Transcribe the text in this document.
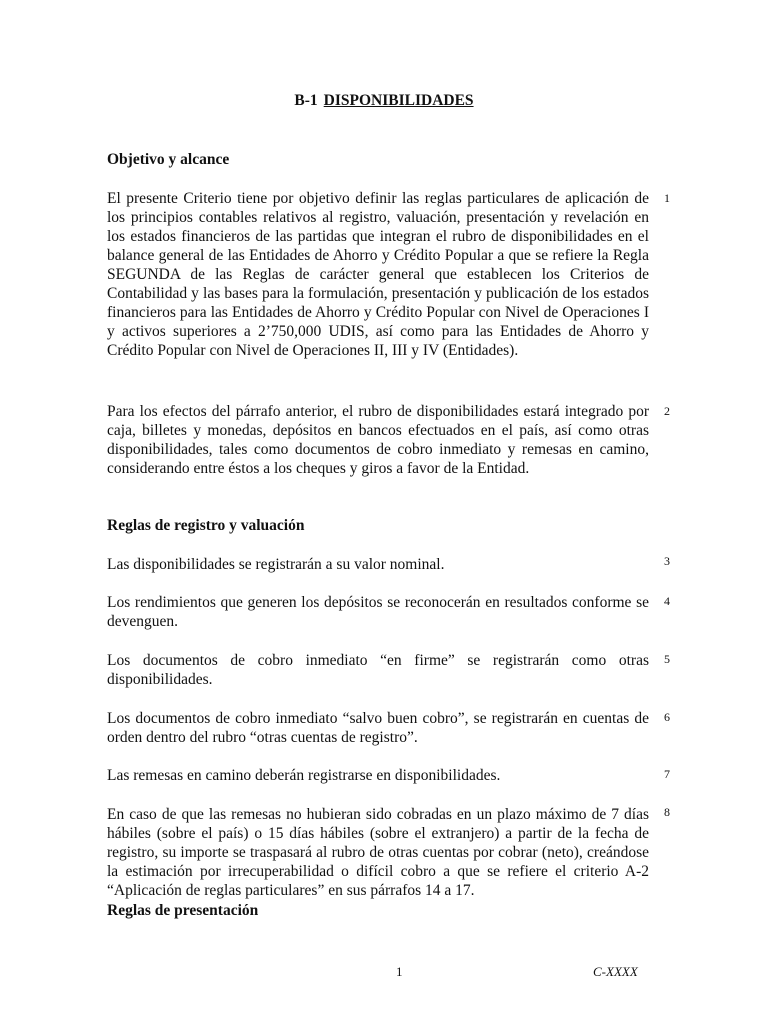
B-1 DISPONIBILIDADES
Objetivo y alcance
El presente Criterio tiene por objetivo definir las reglas particulares de aplicación de los principios contables relativos al registro, valuación, presentación y revelación en los estados financieros de las partidas que integran el rubro de disponibilidades en el balance general de las Entidades de Ahorro y Crédito Popular a que se refiere la Regla SEGUNDA de las Reglas de carácter general que establecen los Criterios de Contabilidad y las bases para la formulación, presentación y publicación de los estados financieros para las Entidades de Ahorro y Crédito Popular con Nivel de Operaciones I y activos superiores a 2’750,000 UDIS, así como para las Entidades de Ahorro y Crédito Popular con Nivel de Operaciones II, III y IV (Entidades).
1
Para los efectos del párrafo anterior, el rubro de disponibilidades estará integrado por caja, billetes y monedas, depósitos en bancos efectuados en el país, así como otras disponibilidades, tales como documentos de cobro inmediato y remesas en camino, considerando entre éstos a los cheques y giros a favor de la Entidad.
2
Reglas de registro y valuación
Las disponibilidades se registrarán a su valor nominal.	3
Los rendimientos que generen los depósitos se reconocerán en resultados conforme se devenguen.
4
Los documentos de cobro inmediato “en firme” se registrarán como otras disponibilidades.
5
Los documentos de cobro inmediato “salvo buen cobro”, se registrarán en cuentas de orden dentro del rubro “otras cuentas de registro”.
6
Las remesas en camino deberán registrarse en disponibilidades.	7
En caso de que las remesas no hubieran sido cobradas en un plazo máximo de 7 días hábiles (sobre el país) o 15 días hábiles (sobre el extranjero) a partir de la fecha de registro, su importe se traspasará al rubro de otras cuentas por cobrar (neto), creándose la estimación por irrecuperabilidad o difícil cobro a que se refiere el criterio A-2 “Aplicación de reglas particulares” en sus párrafos 14 a 17.
8
Reglas de presentación
1	C-XXXX
